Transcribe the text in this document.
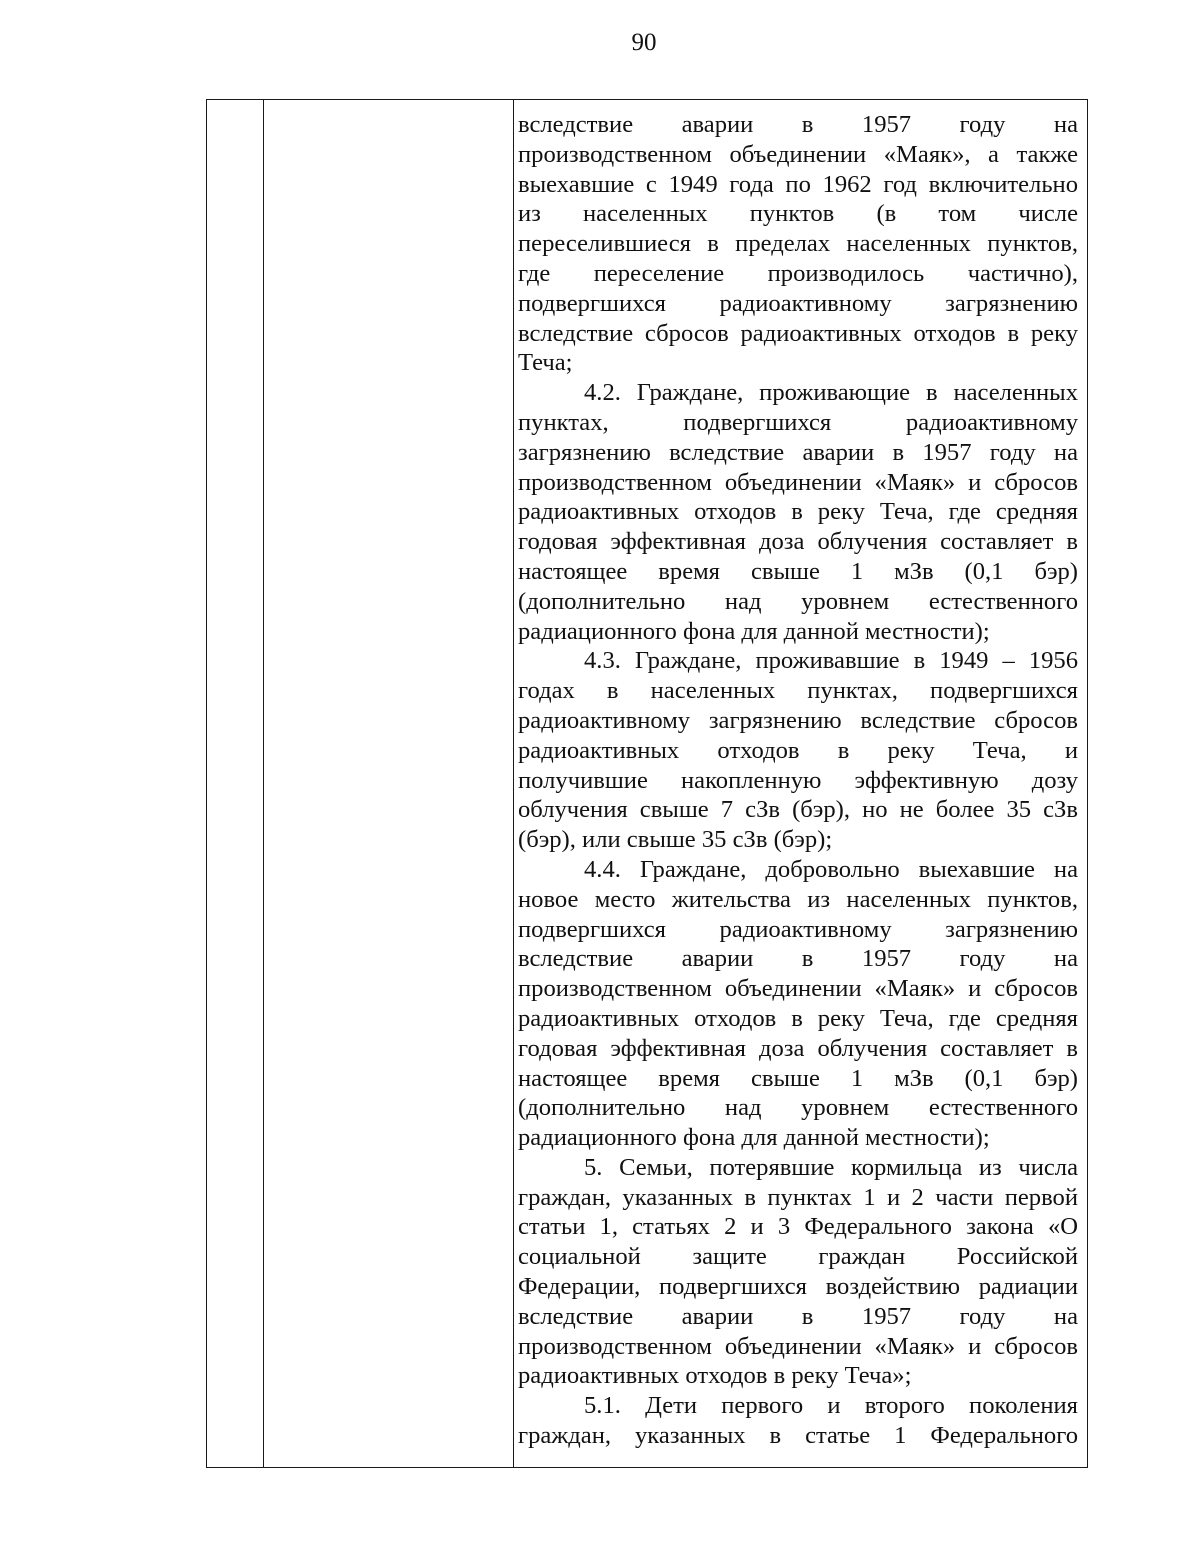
90
вследствие аварии в 1957 году на
производственном объединении «Маяк», а также
выехавшие с 1949 года по 1962 год включительно
из населенных пунктов (в том числе
переселившиеся в пределах населенных пунктов,
где переселение производилось частично),
подвергшихся радиоактивному загрязнению
вследствие сбросов радиоактивных отходов в реку
Теча;
4.2. Граждане, проживающие в населенных
пунктах, подвергшихся радиоактивному
загрязнению вследствие аварии в 1957 году на
производственном объединении «Маяк» и сбросов
радиоактивных отходов в реку Теча, где средняя
годовая эффективная доза облучения составляет в
настоящее время свыше 1 мЗв (0,1 бэр)
(дополнительно над уровнем естественного
радиационного фона для данной местности);
4.3. Граждане, проживавшие в 1949 – 1956
годах в населенных пунктах, подвергшихся
радиоактивному загрязнению вследствие сбросов
радиоактивных отходов в реку Теча, и
получившие накопленную эффективную дозу
облучения свыше 7 сЗв (бэр), но не более 35 сЗв
(бэр), или свыше 35 сЗв (бэр);
4.4. Граждане, добровольно выехавшие на
новое место жительства из населенных пунктов,
подвергшихся радиоактивному загрязнению
вследствие аварии в 1957 году на
производственном объединении «Маяк» и сбросов
радиоактивных отходов в реку Теча, где средняя
годовая эффективная доза облучения составляет в
настоящее время свыше 1 мЗв (0,1 бэр)
(дополнительно над уровнем естественного
радиационного фона для данной местности);
5. Семьи, потерявшие кормильца из числа
граждан, указанных в пунктах 1 и 2 части первой
статьи 1, статьях 2 и 3 Федерального закона «О
социальной защите граждан Российской
Федерации, подвергшихся воздействию радиации
вследствие аварии в 1957 году на
производственном объединении «Маяк» и сбросов
радиоактивных отходов в реку Теча»;
5.1. Дети первого и второго поколения
граждан, указанных в статье 1 Федерального
